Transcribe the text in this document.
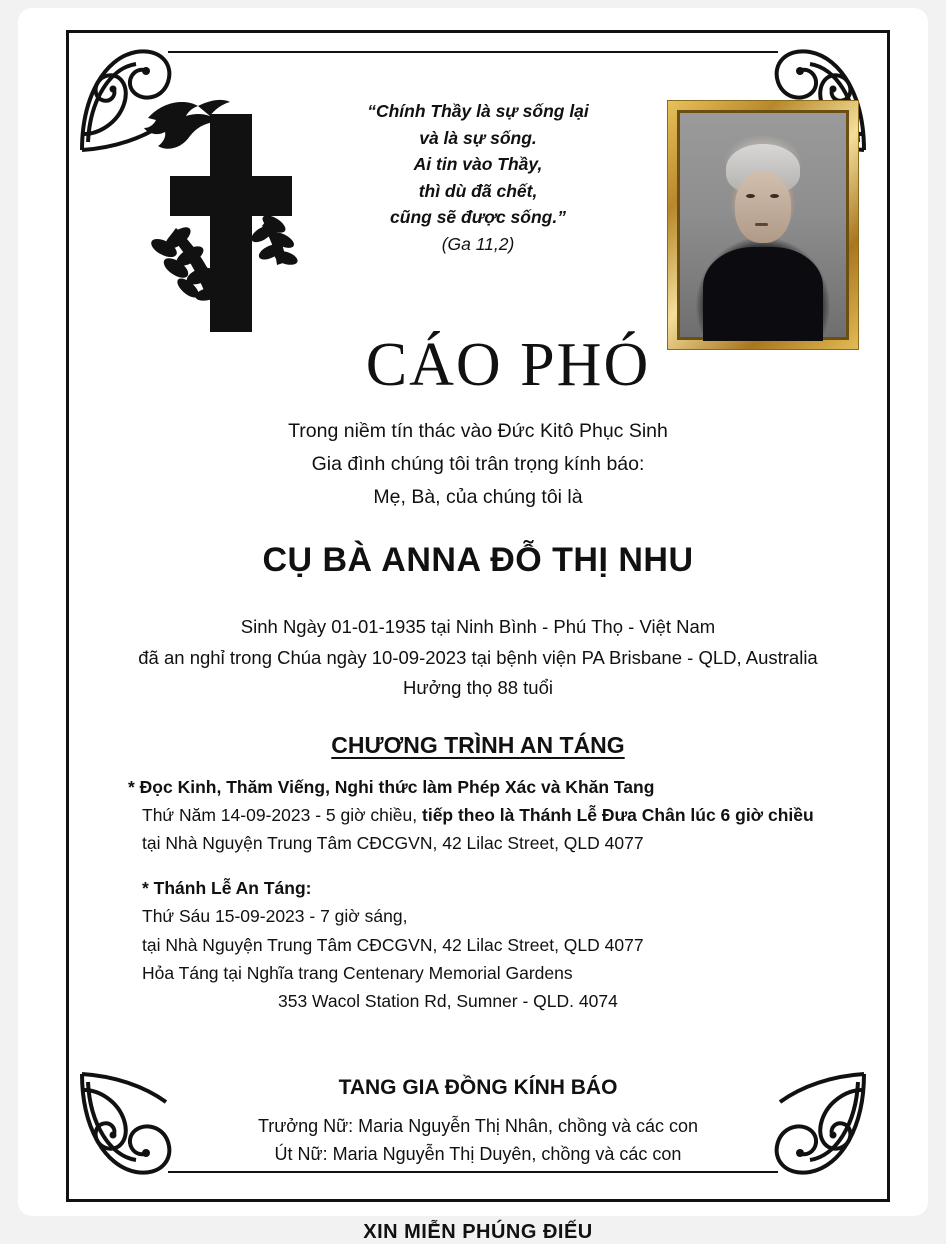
“Chính Thầy là sự sống lại
và là sự sống.
Ai tin vào Thầy,
thì dù đã chết,
cũng sẽ được sống.”
(Ga 11,2)
CÁO PHÓ
Trong niềm tín thác vào Đức Kitô Phục Sinh
Gia đình chúng tôi trân trọng kính báo:
Mẹ, Bà, của chúng tôi là
CỤ BÀ ANNA ĐỖ THỊ NHU
Sinh Ngày 01-01-1935 tại Ninh Bình - Phú Thọ - Việt Nam
đã an nghỉ trong Chúa ngày 10-09-2023 tại bệnh viện PA Brisbane - QLD, Australia
Hưởng thọ 88 tuổi
CHƯƠNG TRÌNH AN TÁNG
* Đọc Kinh, Thăm Viếng, Nghi thức làm Phép Xác và Khăn Tang
Thứ Năm 14-09-2023 - 5 giờ chiều, tiếp theo là Thánh Lễ Đưa Chân lúc 6 giờ chiều
tại Nhà Nguyện Trung Tâm CĐCGVN, 42 Lilac Street, QLD 4077
* Thánh Lễ An Táng:
Thứ Sáu 15-09-2023 - 7 giờ sáng,
tại Nhà Nguyện Trung Tâm CĐCGVN, 42 Lilac Street, QLD 4077
Hỏa Táng tại Nghĩa trang Centenary Memorial Gardens
353 Wacol Station Rd, Sumner - QLD. 4074
TANG GIA ĐỒNG KÍNH BÁO
Trưởng Nữ: Maria Nguyễn Thị Nhân, chồng và các con
Út Nữ: Maria Nguyễn Thị Duyên, chồng và các con
XIN MIỄN PHÚNG ĐIẾU
